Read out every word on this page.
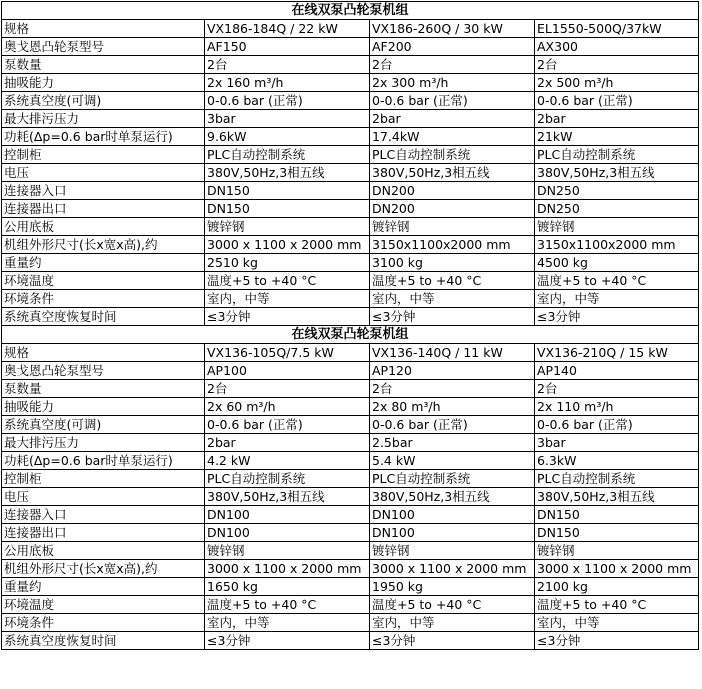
在线双泵凸轮泵机组			
规格	VX186-184Q / 22 kW	VX186-260Q / 30 kW	EL1550-500Q/37kW
奥戈恩凸轮泵型号	AF150	AF200	AX300
泵数量	2台	2台	2台
抽吸能力	2x 160 m³/h	2x 300 m³/h	2x 500 m³/h
系统真空度(可调)	0-0.6 bar (正常)	0-0.6 bar (正常)	0-0.6 bar (正常)
最大排污压力	3bar	2bar	2bar
功耗(Δp=0.6 bar时单泵运行)	9.6kW	17.4kW	21kW
控制柜	PLC自动控制系统	PLC自动控制系统	PLC自动控制系统
电压	380V,50Hz,3相五线	380V,50Hz,3相五线	380V,50Hz,3相五线
连接器入口	DN150	DN200	DN250
连接器出口	DN150	DN200	DN250
公用底板	镀锌钢	镀锌钢	镀锌钢
机组外形尺寸(长x宽x高),约	3000 x 1100 x 2000 mm	3150x1100x2000 mm	3150x1100x2000 mm
重量约	2510 kg	3100 kg	4500 kg
环境温度	温度+5 to +40 °C	温度+5 to +40 °C	温度+5 to +40 °C
环境条件	室内，中等	室内，中等	室内，中等
系统真空度恢复时间	≤3分钟	≤3分钟	≤3分钟
在线双泵凸轮泵机组			
规格	VX136-105Q/7.5 kW	VX136-140Q / 11 kW	VX136-210Q / 15 kW
奥戈恩凸轮泵型号	AP100	AP120	AP140
泵数量	2台	2台	2台
抽吸能力	2x 60 m³/h	2x 80 m³/h	2x 110 m³/h
系统真空度(可调)	0-0.6 bar (正常)	0-0.6 bar (正常)	0-0.6 bar (正常)
最大排污压力	2bar	2.5bar	3bar
功耗(Δp=0.6 bar时单泵运行)	4.2 kW	5.4 kW	6.3kW
控制柜	PLC自动控制系统	PLC自动控制系统	PLC自动控制系统
电压	380V,50Hz,3相五线	380V,50Hz,3相五线	380V,50Hz,3相五线
连接器入口	DN100	DN100	DN150
连接器出口	DN100	DN100	DN150
公用底板	镀锌钢	镀锌钢	镀锌钢
机组外形尺寸(长x宽x高),约	3000 x 1100 x 2000 mm	3000 x 1100 x 2000 mm	3000 x 1100 x 2000 mm
重量约	1650 kg	1950 kg	2100 kg
环境温度	温度+5 to +40 °C	温度+5 to +40 °C	温度+5 to +40 °C
环境条件	室内，中等	室内，中等	室内，中等
系统真空度恢复时间	≤3分钟	≤3分钟	≤3分钟
